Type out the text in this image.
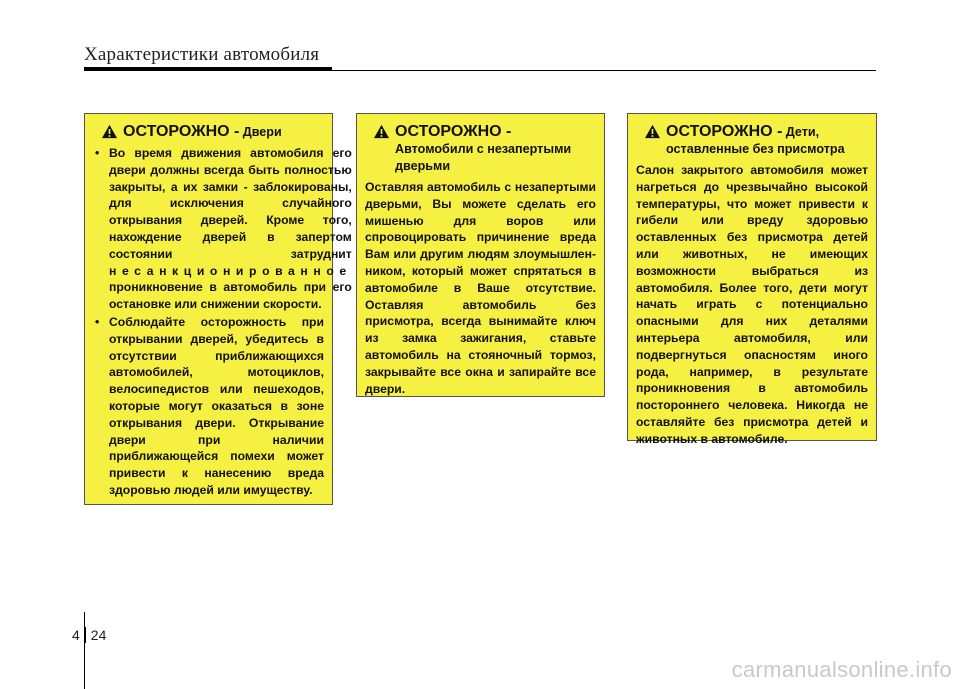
Характеристики автомобиля
ОСТОРОЖНО - Двери
• Во время движения автомобиля его двери должны всегда быть полностью закрыты, а их замки - заблокированы, для исключения случайного открывания дверей. Кроме того, нахождение дверей в запертом состоянии затруднит несанкционированное проникновение в автомобиль при его остановке или снижении скорости.
• Соблюдайте осторожность при открывании дверей, убедитесь в отсутствии приближающихся автомобилей, мотоциклов, велосипедистов или пешеходов, которые могут оказаться в зоне открывания двери. Открывание двери при наличии приближающейся помехи может привести к нанесению вреда здоровью людей или имуществу.
ОСТОРОЖНО -
Автомобили с незапертыми
дверьми
Оставляя автомобиль с незапертыми дверьми, Вы можете сделать его мишенью для воров или спровоцировать причинение вреда Вам или другим людям злоумышлен-ником, который может спрятаться в автомобиле в Ваше отсутствие. Оставляя автомобиль без присмотра, всегда вынимайте ключ из замка зажигания, ставьте автомобиль на стояночный тормоз, закрывайте все окна и запирайте все двери.
ОСТОРОЖНО - Дети,
оставленные без присмотра
Салон закрытого автомобиля может нагреться до чрезвычайно высокой температуры, что может привести к гибели или вреду здоровью оставленных без присмотра детей или животных, не имеющих возможности выбраться из автомобиля. Более того, дети могут начать играть с потенциально опасными для них деталями интерьера автомобиля, или подвергнуться опасностям иного рода, например, в результате проникновения в автомобиль постороннего человека. Никогда не оставляйте без присмотра детей и животных в автомобиле.
4 24
carmanualsonline.info
